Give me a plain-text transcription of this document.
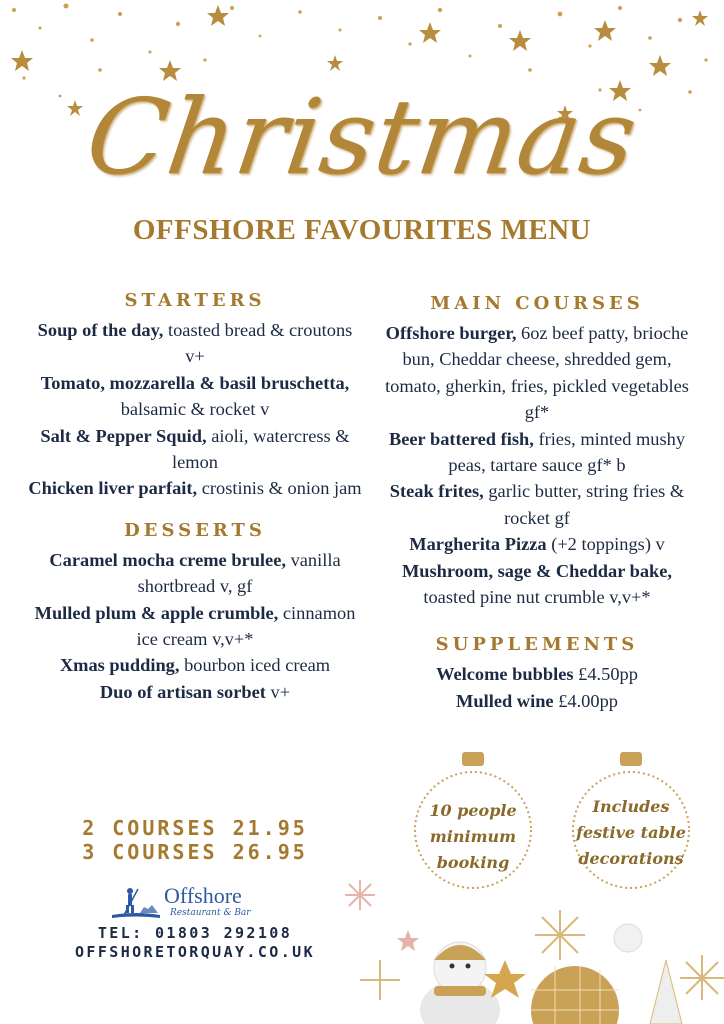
Christmas
OFFSHORE FAVOURITES MENU
STARTERS
Soup of the day, toasted bread & croutons v+
Tomato, mozzarella & basil bruschetta, balsamic & rocket v
Salt & Pepper Squid, aioli, watercress & lemon
Chicken liver parfait, crostinis & onion jam
DESSERTS
Caramel mocha creme brulee, vanilla shortbread v, gf
Mulled plum & apple crumble, cinnamon ice cream v,v+*
Xmas pudding, bourbon iced cream
Duo of artisan sorbet v+
MAIN COURSES
Offshore burger, 6oz beef patty, brioche bun, Cheddar cheese, shredded gem, tomato, gherkin, fries, pickled vegetables gf*
Beer battered fish, fries, minted mushy peas, tartare sauce gf* b
Steak frites, garlic butter, string fries & rocket gf
Margherita Pizza (+2 toppings) v
Mushroom, sage & Cheddar bake, toasted pine nut crumble v,v+*
SUPPLEMENTS
Welcome bubbles £4.50pp
Mulled wine £4.00pp
2 COURSES 21.95
3 COURSES 26.95
Offshore
Restaurant & Bar
TEL: 01803 292108
OFFSHORETORQUAY.CO.UK
10 people
minimum
booking
Includes
festive table
decorations
